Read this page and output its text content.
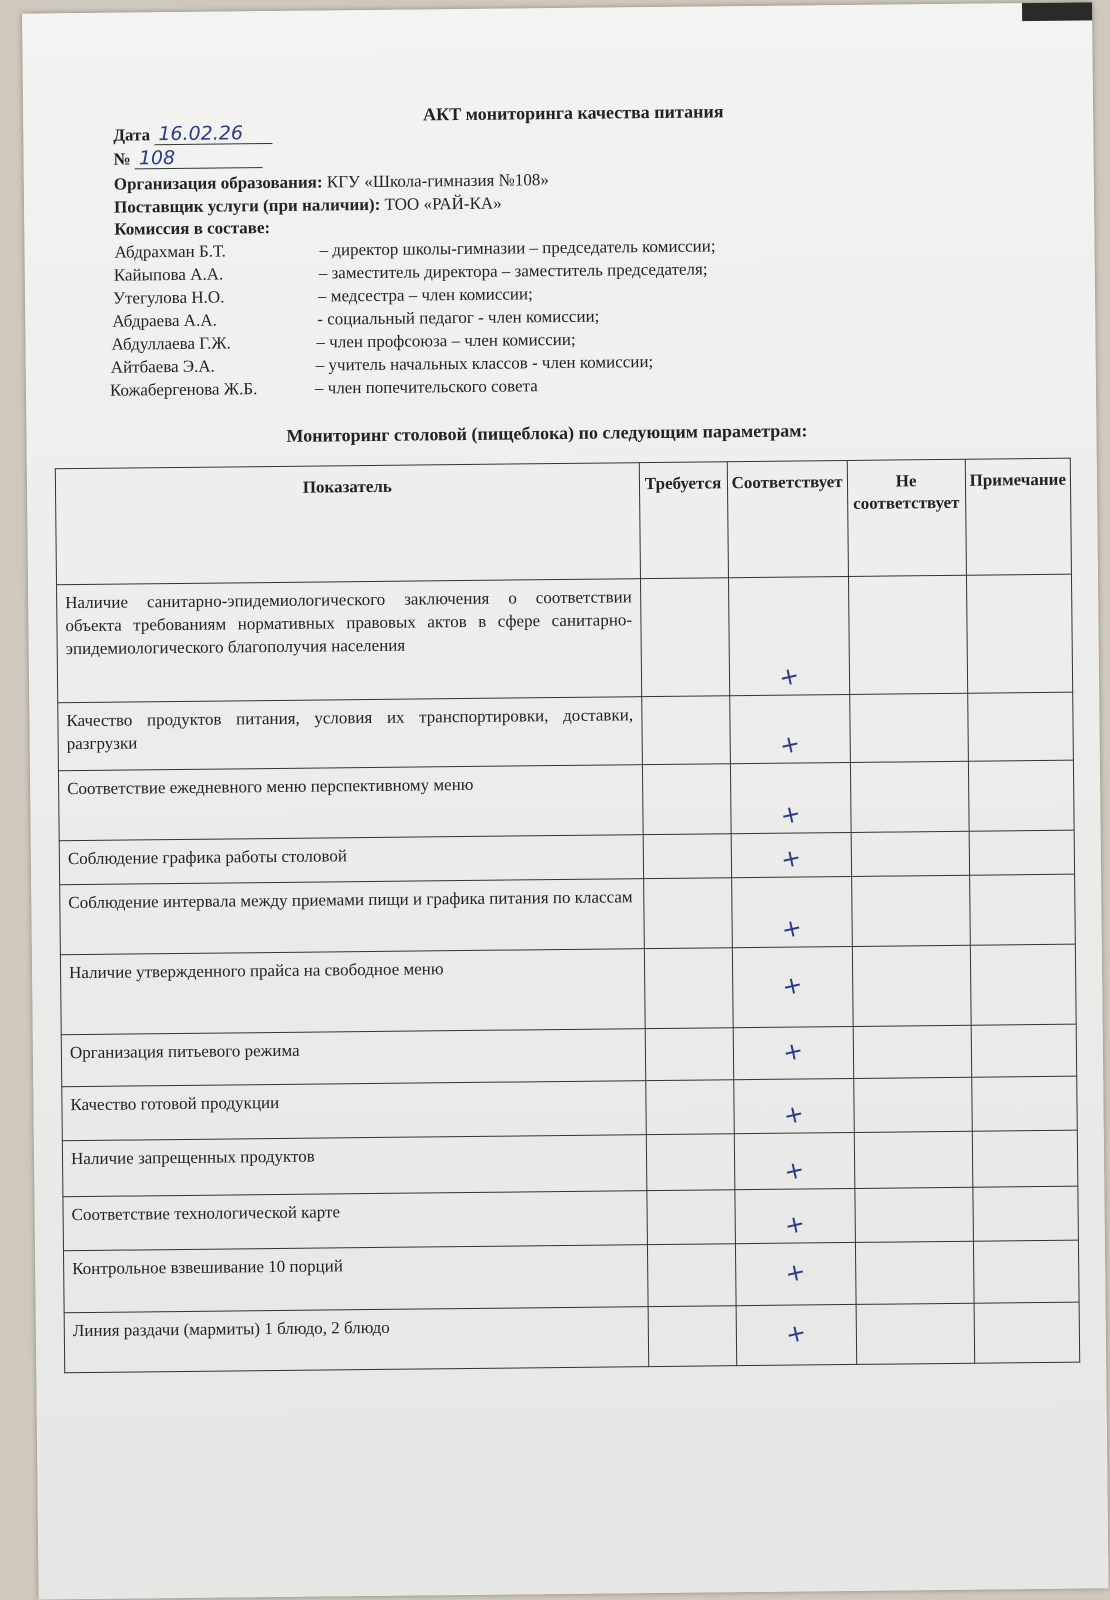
АКТ мониторинга качества питания
Дата 16.02.26
№ 108
Организация образования: КГУ «Школа-гимназия №108»
Поставщик услуги (при наличии): ТОО «РАЙ-КА»
Комиссия в составе:
Абдрахман Б.Т.	– директор школы-гимназии – председатель комиссии;
Кайыпова А.А.	– заместитель директора – заместитель председателя;
Утегулова Н.О.	– медсестра – член комиссии;
Абдраева А.А.	- социальный педагог - член комиссии;
Абдуллаева Г.Ж.	– член профсоюза – член комиссии;
Айтбаева Э.А.	– учитель начальных классов - член комиссии;
Кожабергенова Ж.Б.	– член попечительского совета
Мониторинг столовой (пищеблока) по следующим параметрам:
Показатель	Требуется	Соответствует	Не соответствует	Примечание
Наличие санитарно-эпидемиологического заключения о соответствии объекта требованиям нормативных правовых актов в сфере санитарно-эпидемиологического благополучия населения		+		
Качество продуктов питания, условия их транспортировки, доставки, разгрузки		+		
Соответствие ежедневного меню перспективному меню		+		
Соблюдение графика работы столовой		+		
Соблюдение интервала между приемами пищи и графика питания по классам		+		
Наличие утвержденного прайса на свободное меню		+		
Организация питьевого режима		+		
Качество готовой продукции		+		
Наличие запрещенных продуктов		+		
Соответствие технологической карте		+		
Контрольное взвешивание 10 порций		+		
Линия раздачи (мармиты) 1 блюдо, 2 блюдо		+		
